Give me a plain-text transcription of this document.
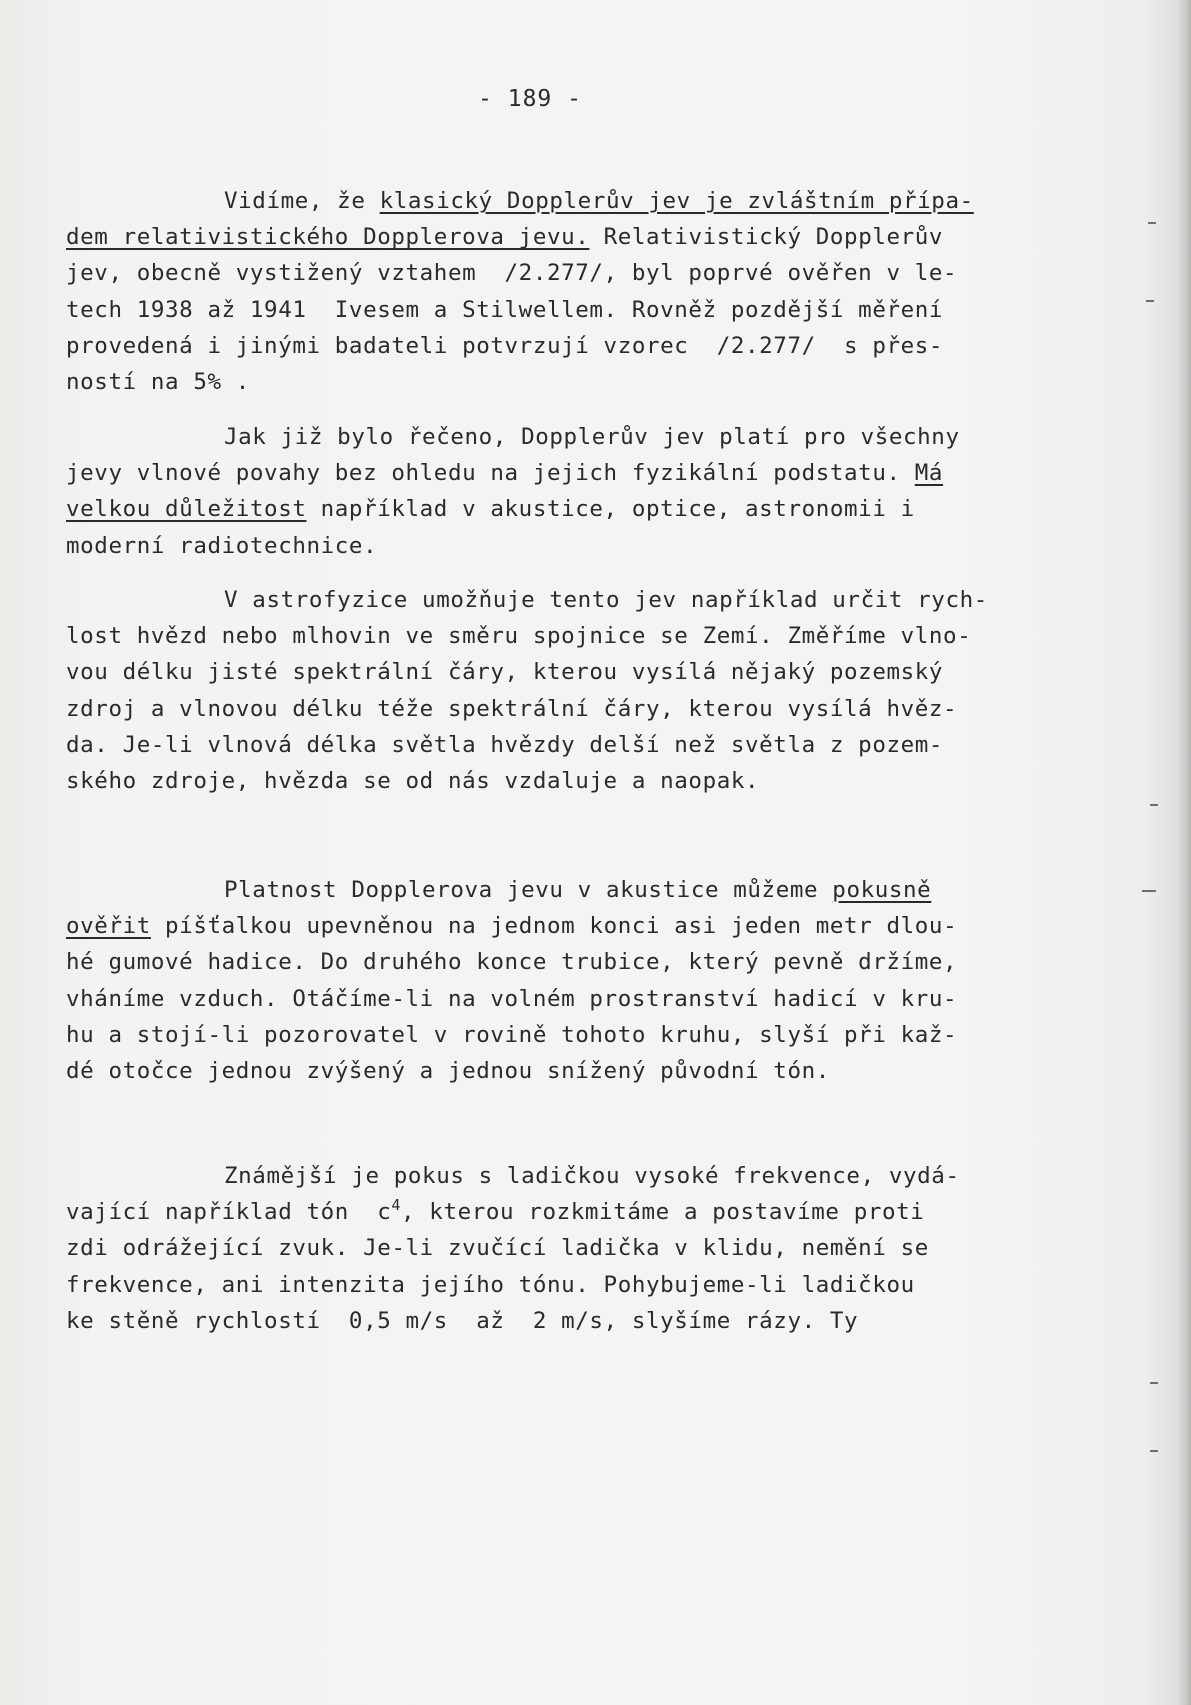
- 189 -
Vidíme, že klasický Dopplerův jev je zvláštním přípa-
dem relativistického Dopplerova jevu. Relativistický Dopplerův
jev, obecně vystižený vztahem  /2.277/, byl poprvé ověřen v le-
tech 1938 až 1941  Ivesem a Stilwellem. Rovněž pozdější měření
provedená i jinými badateli potvrzují vzorec  /2.277/  s přes-
ností na 5% .
Jak již bylo řečeno, Dopplerův jev platí pro všechny
jevy vlnové povahy bez ohledu na jejich fyzikální podstatu. Má
velkou důležitost například v akustice, optice, astronomii i
moderní radiotechnice.
V astrofyzice umožňuje tento jev například určit rych-
lost hvězd nebo mlhovin ve směru spojnice se Zemí. Změříme vlno-
vou délku jisté spektrální čáry, kterou vysílá nějaký pozemský
zdroj a vlnovou délku téže spektrální čáry, kterou vysílá hvěz-
da. Je-li vlnová délka světla hvězdy delší než světla z pozem-
ského zdroje, hvězda se od nás vzdaluje a naopak.
Platnost Dopplerova jevu v akustice můžeme pokusně
ověřit píšťalkou upevněnou na jednom konci asi jeden metr dlou-
hé gumové hadice. Do druhého konce trubice, který pevně držíme,
vháníme vzduch. Otáčíme-li na volném prostranství hadicí v kru-
hu a stojí-li pozorovatel v rovině tohoto kruhu, slyší při kaž-
dé otočce jednou zvýšený a jednou snížený původní tón.
Známější je pokus s ladičkou vysoké frekvence, vydá-
vající například tón  $c^4$, kterou rozkmitáme a postavíme proti
zdi odrážející zvuk. Je-li zvučící ladička v klidu, nemění se
frekvence, ani intenzita jejího tónu. Pohybujeme-li ladičkou
ke stěně rychlostí  0,5 m/s  až  2 m/s, slyšíme rázy. Ty
